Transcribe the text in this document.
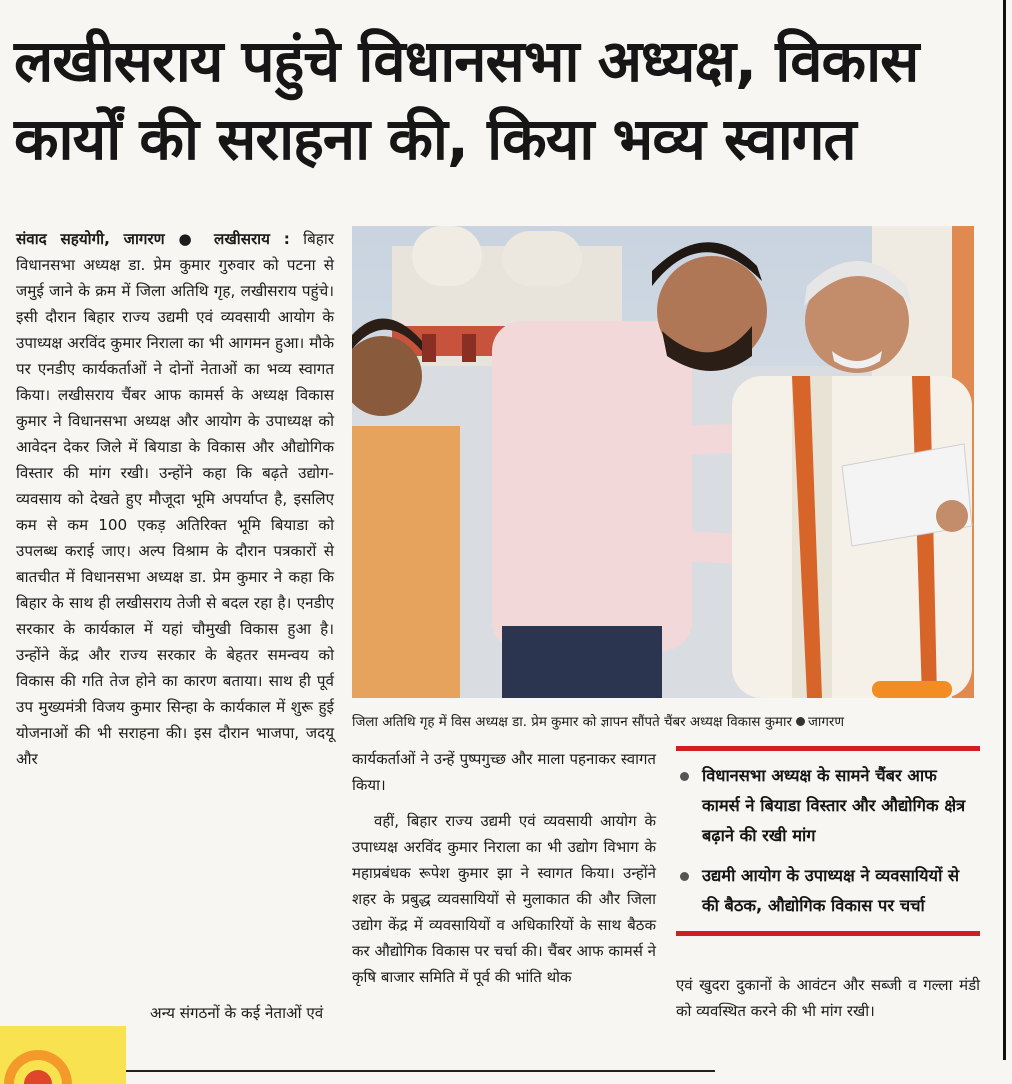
लखीसराय पहुंचे विधानसभा अध्यक्ष, विकास कार्यों की सराहना की, किया भव्य स्वागत
संवाद सहयोगी, जागरण ● लखीसराय : बिहार विधानसभा अध्यक्ष डा. प्रेम कुमार गुरुवार को पटना से जमुई जाने के क्रम में जिला अतिथि गृह, लखीसराय पहुंचे। इसी दौरान बिहार राज्य उद्यमी एवं व्यवसायी आयोग के उपाध्यक्ष अरविंद कुमार निराला का भी आगमन हुआ। मौके पर एनडीए कार्यकर्ताओं ने दोनों नेताओं का भव्य स्वागत किया। लखीसराय चैंबर आफ कामर्स के अध्यक्ष विकास कुमार ने विधानसभा अध्यक्ष और आयोग के उपाध्यक्ष को आवेदन देकर जिले में बियाडा के विकास और औद्योगिक विस्तार की मांग रखी। उन्होंने कहा कि बढ़ते उद्योग-व्यवसाय को देखते हुए मौजूदा भूमि अपर्याप्त है, इसलिए कम से कम 100 एकड़ अतिरिक्त भूमि बियाडा को उपलब्ध कराई जाए। अल्प विश्राम के दौरान पत्रकारों से बातचीत में विधानसभा अध्यक्ष डा. प्रेम कुमार ने कहा कि बिहार के साथ ही लखीसराय तेजी से बदल रहा है। एनडीए सरकार के कार्यकाल में यहां चौमुखी विकास हुआ है। उन्होंने केंद्र और राज्य सरकार के बेहतर समन्वय को विकास की गति तेज होने का कारण बताया। साथ ही पूर्व उप मुख्यमंत्री विजय कुमार सिन्हा के कार्यकाल में शुरू हुई योजनाओं की भी सराहना की। इस दौरान भाजपा, जदयू और
अन्य संगठनों के कई नेताओं एवं
जिला अतिथि गृह में विस अध्यक्ष डा. प्रेम कुमार को ज्ञापन सौंपते चैंबर अध्यक्ष विकास कुमार जागरण

कार्यकर्ताओं ने उन्हें पुष्पगुच्छ और माला पहनाकर स्वागत किया।

वहीं, बिहार राज्य उद्यमी एवं व्यवसायी आयोग के उपाध्यक्ष अरविंद कुमार निराला का भी उद्योग विभाग के महाप्रबंधक रूपेश कुमार झा ने स्वागत किया। उन्होंने शहर के प्रबुद्ध व्यवसायियों से मुलाकात की और जिला उद्योग केंद्र में व्यवसायियों व अधिकारियों के साथ बैठक कर औद्योगिक विकास पर चर्चा की। चैंबर आफ कामर्स ने कृषि बाजार समिति में पूर्व की भांति थोक

विधानसभा अध्यक्ष के सामने चैंबर आफ कामर्स ने बियाडा विस्तार और औद्योगिक क्षेत्र बढ़ाने की रखी मांग
उद्यमी आयोग के उपाध्यक्ष ने व्यवसायियों से की बैठक, औद्योगिक विकास पर चर्चा
एवं खुदरा दुकानों के आवंटन और सब्जी व गल्ला मंडी को व्यवस्थित करने की भी मांग रखी।
